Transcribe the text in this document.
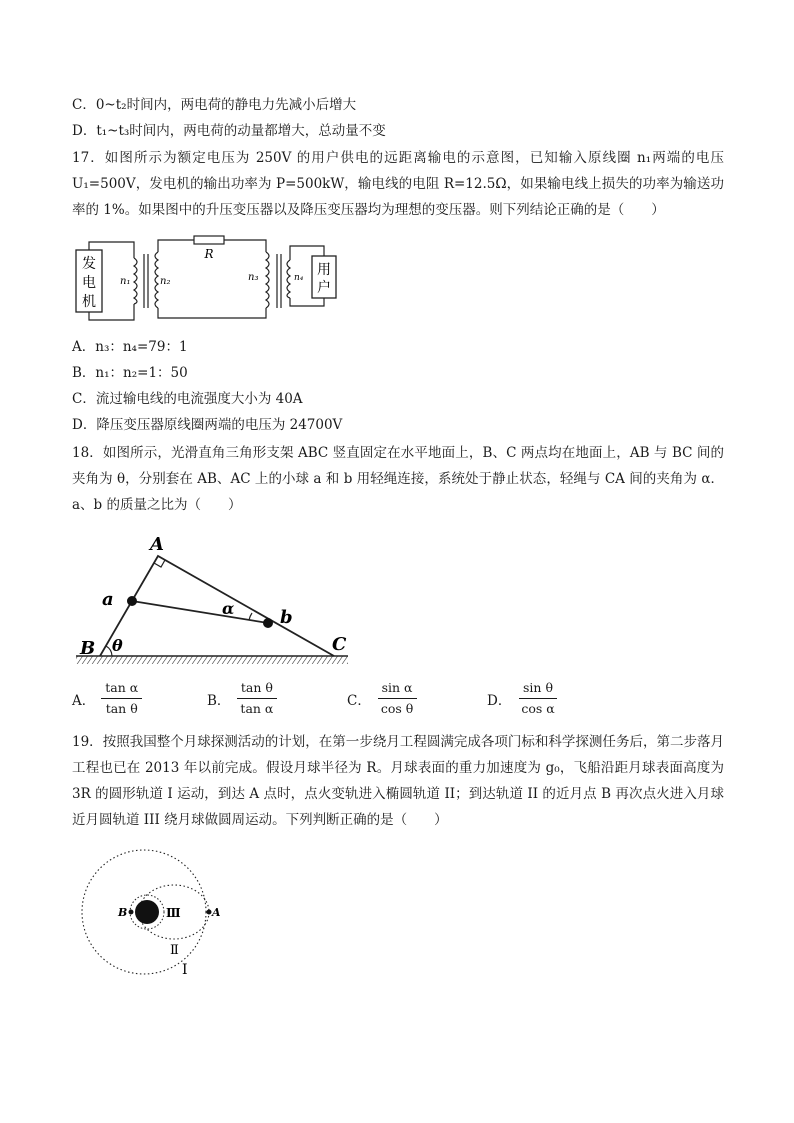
C．0~t₂时间内，两电荷的静电力先减小后增大
D．t₁~t₃时间内，两电荷的动量都增大，总动量不变
17．如图所示为额定电压为 250V 的用户供电的远距离输电的示意图，已知输入原线圈 n₁两端的电压 U₁=500V，发电机的输出功率为 P=500kW，输电线的电阻 R=12.5Ω，如果输电线上损失的功率为输送功率的 1%。如果图中的升压变压器以及降压变压器均为理想的变压器。则下列结论正确的是（　　）
发
电
机
n₁	n₂
R
n₃	n₄ 用
户
A．n₃：n₄=79：1
B．n₁：n₂=1：50
C．流过输电线的电流强度大小为 40A
D．降压变压器原线圈两端的电压为 24700V
18．如图所示，光滑直角三角形支架 ABC 竖直固定在水平地面上，B、C 两点均在地面上，AB 与 BC 间的夹角为 θ，分别套在 AB、AC 上的小球 a 和 b 用轻绳连接，系统处于静止状态，轻绳与 CA 间的夹角为 α．a、b 的质量之比为（　　）
A
B	C
a
b
α
θ
A． $\frac{\text{tan α}}{\text{tan θ}}$	B． $\frac{\text{tan θ}}{\text{tan α}}$	C． $\frac{\text{sin α}}{\text{cos θ}}$	D． $\frac{\text{sin θ}}{\text{cos α}}$
19．按照我国整个月球探测活动的计划，在第一步绕月工程圆满完成各项门标和科学探测任务后，第二步落月工程也已在 2013 年以前完成。假设月球半径为 R。月球表面的重力加速度为 g₀，飞船沿距月球表面高度为 3R 的圆形轨道 I 运动，到达 A 点时，点火变轨进入椭圆轨道 II；到达轨道 II 的近月点 B 再次点火进入月球近月圆轨道 III 绕月球做圆周运动。下列判断正确的是（　　）
B	A
Ⅲ
Ⅱ
I
